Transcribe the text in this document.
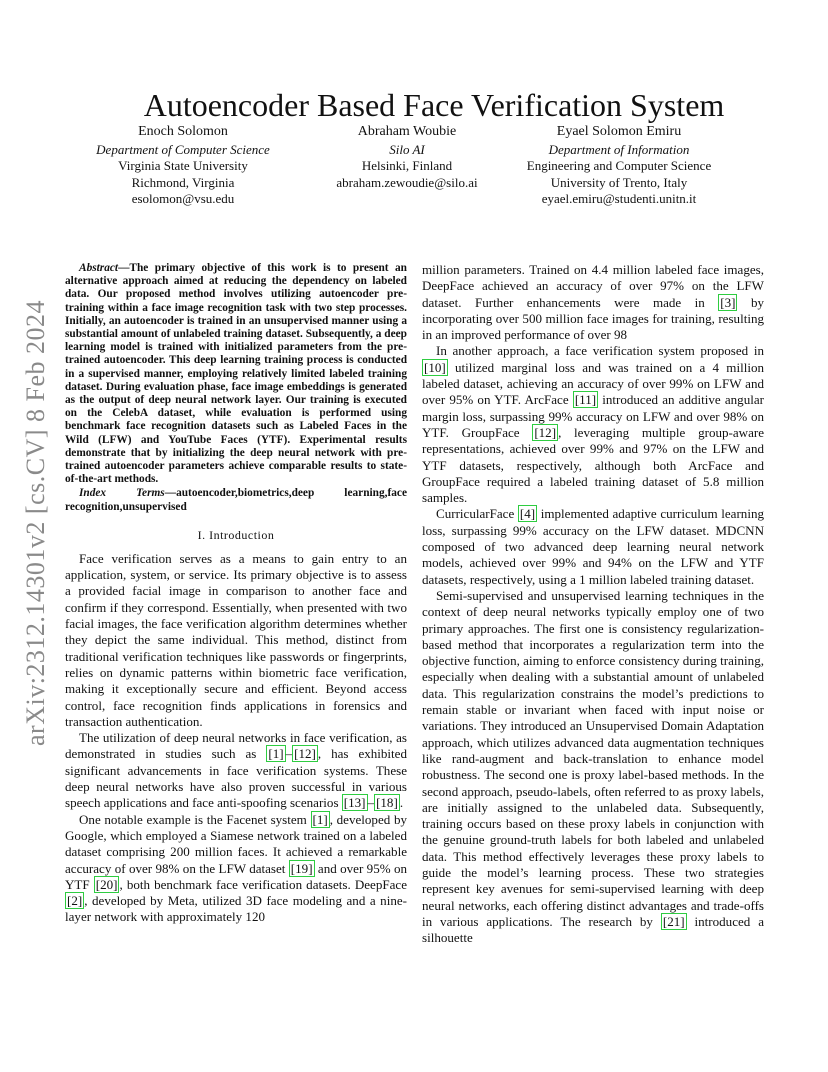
arXiv:2312.14301v2 [cs.CV] 8 Feb 2024
Autoencoder Based Face Verification System
Enoch Solomon
Department of Computer Science
Virginia State University
Richmond, Virginia
esolomon@vsu.edu
Abraham Woubie
Silo AI
Helsinki, Finland
abraham.zewoudie@silo.ai
Eyael Solomon Emiru
Department of Information
Engineering and Computer Science
University of Trento, Italy
eyael.emiru@studenti.unitn.it

Abstract—The primary objective of this work is to present an alternative approach aimed at reducing the dependency on labeled data. Our proposed method involves utilizing autoencoder pre-training within a face image recognition task with two step processes. Initially, an autoencoder is trained in an unsupervised manner using a substantial amount of unlabeled training dataset. Subsequently, a deep learning model is trained with initialized parameters from the pre-trained autoencoder. This deep learning training process is conducted in a supervised manner, employing relatively limited labeled training dataset. During evaluation phase, face image embeddings is generated as the output of deep neural network layer. Our training is executed on the CelebA dataset, while evaluation is performed using benchmark face recognition datasets such as Labeled Faces in the Wild (LFW) and YouTube Faces (YTF). Experimental results demonstrate that by initializing the deep neural network with pre-trained autoencoder parameters achieve comparable results to state-of-the-art methods.

Index Terms—autoencoder,biometrics,deep learning,face recognition,unsupervised

I. Introduction

Face verification serves as a means to gain entry to an application, system, or service. Its primary objective is to assess a provided facial image in comparison to another face and confirm if they correspond. Essentially, when presented with two facial images, the face verification algorithm determines whether they depict the same individual. This method, distinct from traditional verification techniques like passwords or fingerprints, relies on dynamic patterns within biometric face verification, making it exceptionally secure and efficient. Beyond access control, face recognition finds applications in forensics and transaction authentication.

The utilization of deep neural networks in face verification, as demonstrated in studies such as [1] – [12] , has exhibited significant advancements in face verification systems. These deep neural networks have also proven successful in various speech applications and face anti-spoofing scenarios [13] – [18] .

One notable example is the Facenet system [1] , developed by Google, which employed a Siamese network trained on a labeled dataset comprising 200 million faces. It achieved a remarkable accuracy of over 98% on the LFW dataset [19] and over 95% on YTF [20] , both benchmark face verification datasets. DeepFace [2] , developed by Meta, utilized 3D face modeling and a nine-layer network with approximately 120

million parameters. Trained on 4.4 million labeled face images, DeepFace achieved an accuracy of over 97% on the LFW dataset. Further enhancements were made in [3] by incorporating over 500 million face images for training, resulting in an improved performance of over 98

In another approach, a face verification system proposed in [10] utilized marginal loss and was trained on a 4 million labeled dataset, achieving an accuracy of over 99% on LFW and over 95% on YTF. ArcFace [11] introduced an additive angular margin loss, surpassing 99% accuracy on LFW and over 98% on YTF. GroupFace [12] , leveraging multiple group-aware representations, achieved over 99% and 97% on the LFW and YTF datasets, respectively, although both ArcFace and GroupFace required a labeled training dataset of 5.8 million samples.

CurricularFace [4] implemented adaptive curriculum learning loss, surpassing 99% accuracy on the LFW dataset. MDCNN composed of two advanced deep learning neural network models, achieved over 99% and 94% on the LFW and YTF datasets, respectively, using a 1 million labeled training dataset.

Semi-supervised and unsupervised learning techniques in the context of deep neural networks typically employ one of two primary approaches. The first one is consistency regularization-based method that incorporates a regularization term into the objective function, aiming to enforce consistency during training, especially when dealing with a substantial amount of unlabeled data. This regularization constrains the model’s predictions to remain stable or invariant when faced with input noise or variations. They introduced an Unsupervised Domain Adaptation approach, which utilizes advanced data augmentation techniques like rand-augment and back-translation to enhance model robustness. The second one is proxy label-based methods. In the second approach, pseudo-labels, often referred to as proxy labels, are initially assigned to the unlabeled data. Subsequently, training occurs based on these proxy labels in conjunction with the genuine ground-truth labels for both labeled and unlabeled data. This method effectively leverages these proxy labels to guide the model’s learning process. These two strategies represent key avenues for semi-supervised learning with deep neural networks, each offering distinct advantages and trade-offs in various applications. The research by [21] introduced a silhouette
